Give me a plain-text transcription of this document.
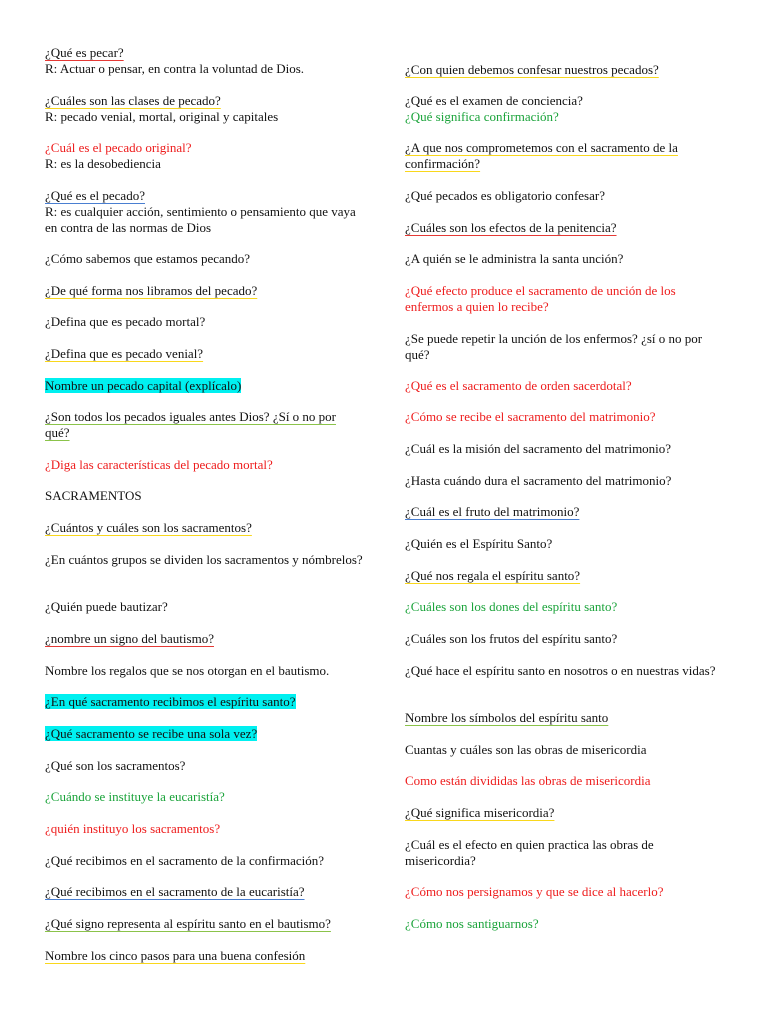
¿Qué es pecar?
R: Actuar o pensar, en contra la voluntad de Dios.
¿Cuáles son las clases de pecado?
R: pecado venial, mortal, original y capitales
¿Cuál es el pecado original?
R: es la desobediencia
¿Qué es el pecado?
R: es cualquier acción, sentimiento o pensamiento que vaya en contra de las normas de Dios
¿Cómo sabemos que estamos pecando?
¿De qué forma nos libramos del pecado?
¿Defina que es pecado mortal?
¿Defina que es pecado venial?
Nombre un pecado capital (explícalo)
¿Son todos los pecados iguales antes Dios? ¿Sí o no por qué?
¿Diga las características del pecado mortal?
SACRAMENTOS
¿Cuántos y cuáles son los sacramentos?
¿En cuántos grupos se dividen los sacramentos y nómbrelos?
¿Quién puede bautizar?
¿nombre un signo del bautismo?
Nombre los regalos que se nos otorgan en el bautismo.
¿En qué sacramento recibimos el espíritu santo?
¿Qué sacramento se recibe una sola vez?
¿Qué son los sacramentos?
¿Cuándo se instituye la eucaristía?
¿quién instituyo los sacramentos?
¿Qué recibimos en el sacramento de la confirmación?
¿Qué recibimos en el sacramento de la eucaristía?
¿Qué signo representa al espíritu santo en el bautismo?
Nombre los cinco pasos para una buena confesión
¿Con quien debemos confesar nuestros pecados?
¿Qué es el examen de conciencia?
¿Qué significa confirmación?
¿A que nos comprometemos con el sacramento de la confirmación?
¿Qué pecados es obligatorio confesar?
¿Cuáles son los efectos de la penitencia?
¿A quién se le administra la santa unción?
¿Qué efecto produce el sacramento de unción de los enfermos a quien lo recibe?
¿Se puede repetir la unción de los enfermos? ¿sí o no por qué?
¿Qué es el sacramento de orden sacerdotal?
¿Cómo se recibe el sacramento del matrimonio?
¿Cuál es la misión del sacramento del matrimonio?
¿Hasta cuándo dura el sacramento del matrimonio?
¿Cuál es el fruto del matrimonio?
¿Quién es el Espíritu Santo?
¿Qué nos regala el espíritu santo?
¿Cuáles son los dones del espíritu santo?
¿Cuáles son los frutos del espíritu santo?
¿Qué hace el espíritu santo en nosotros o en nuestras vidas?
Nombre los símbolos del espíritu santo
Cuantas y cuáles son las obras de misericordia
Como están divididas las obras de misericordia
¿Qué significa misericordia?
¿Cuál es el efecto en quien practica las obras de misericordia?
¿Cómo nos persignamos y que se dice al hacerlo?
¿Cómo nos santiguarnos?
